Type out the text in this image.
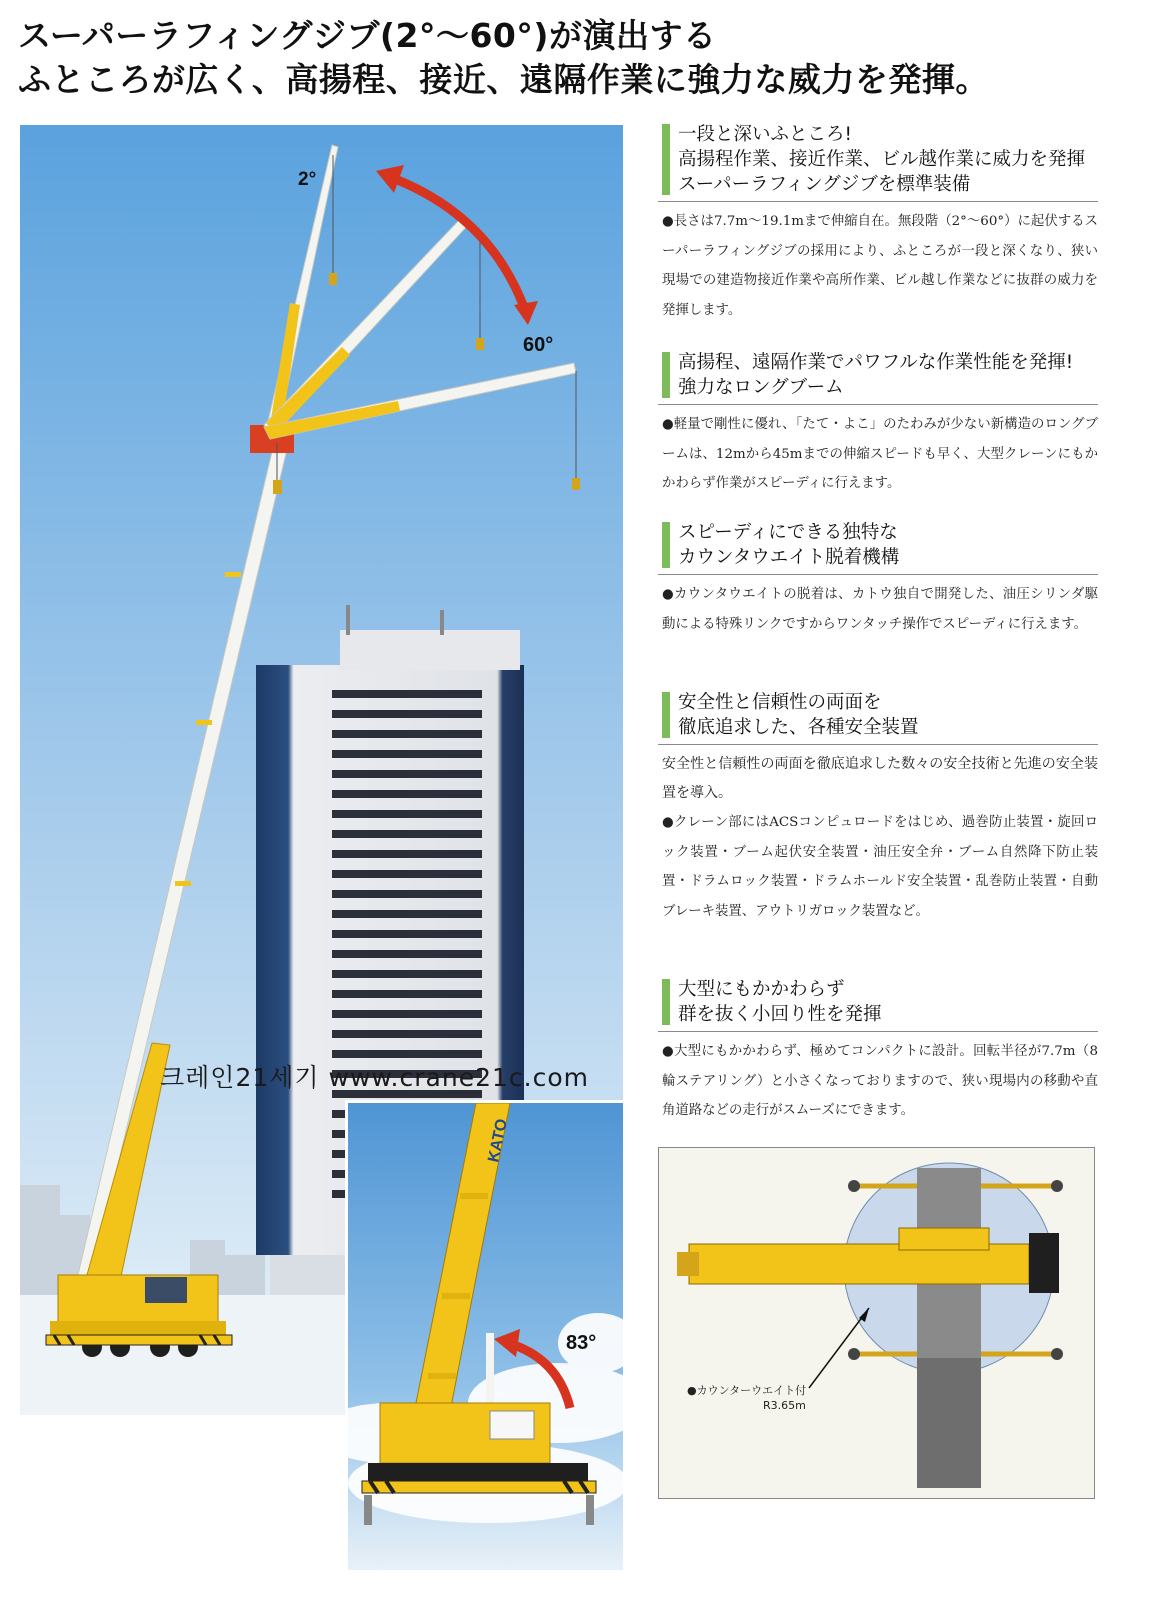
スーパーラフィングジブ(2°〜60°)が演出する
ふところが広く、高揚程、接近、遠隔作業に強力な威力を発揮。
2°
60°
KATO
83°
크레인21세기 www.crane21c.com
一段と深いふところ!
高揚程作業、接近作業、ビル越作業に威力を発揮
スーパーラフィングジブを標準装備

●長さは7.7m〜19.1mまで伸縮自在。無段階（2°〜60°）に起伏するスーパーラフィングジブの採用により、ふところが一段と深くなり、狭い現場での建造物接近作業や高所作業、ビル越し作業などに抜群の威力を発揮します。

高揚程、遠隔作業でパワフルな作業性能を発揮!
強力なロングブーム

●軽量で剛性に優れ、「たて・よこ」のたわみが少ない新構造のロングブームは、12mから45mまでの伸縮スピードも早く、大型クレーンにもかかわらず作業がスピーディに行えます。

スピーディにできる独特な
カウンタウエイト脱着機構

●カウンタウエイトの脱着は、カトウ独自で開発した、油圧シリンダ駆動による特殊リンクですからワンタッチ操作でスピーディに行えます。

安全性と信頼性の両面を
徹底追求した、各種安全装置

安全性と信頼性の両面を徹底追求した数々の安全技術と先進の安全装置を導入。

●クレーン部にはACSコンピュロードをはじめ、過巻防止装置・旋回ロック装置・ブーム起伏安全装置・油圧安全弁・ブーム自然降下防止装置・ドラムロック装置・ドラムホールド安全装置・乱巻防止装置・自動ブレーキ装置、アウトリガロック装置など。

大型にもかかわらず
群を抜く小回り性を発揮

●大型にもかかわらず、極めてコンパクトに設計。回転半径が7.7m（8輪ステアリング）と小さくなっておりますので、狭い現場内の移動や直角道路などの走行がスムーズにできます。

●カウンターウエイト付
R3.65m
